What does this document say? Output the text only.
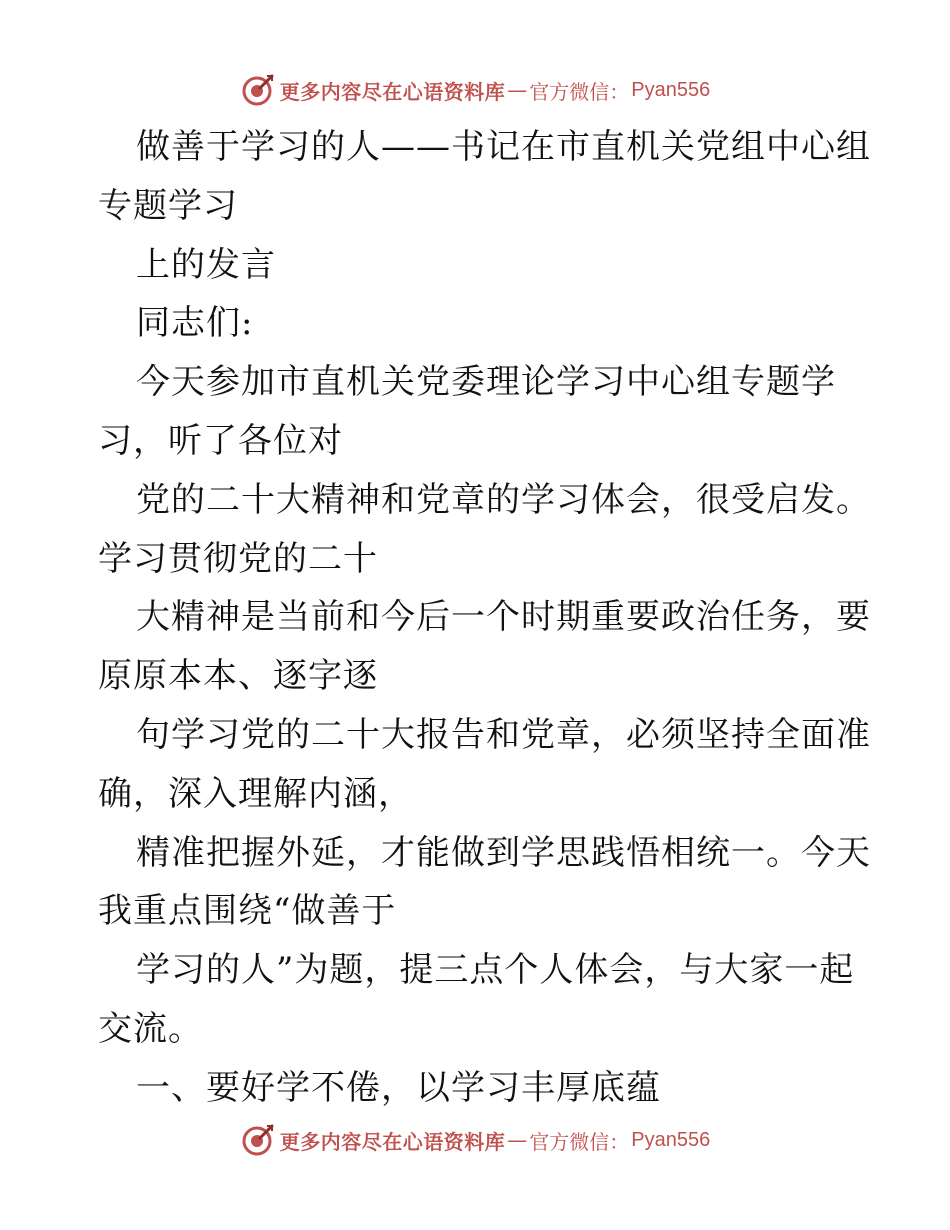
更多内容尽在心语资料库 — 官方微信： Pyan556
做善于学习的人——书记在市直机关党组中心组
专题学习
上的发言
同志们:
今天参加市直机关党委理论学习中心组专题学
习，听了各位对
党的二十大精神和党章的学习体会，很受启发。
学习贯彻党的二十
大精神是当前和今后一个时期重要政治任务，要
原原本本、逐字逐
句学习党的二十大报告和党章，必须坚持全面准
确，深入理解内涵，
精准把握外延，才能做到学思践悟相统一。今天
我重点围绕“做善于
学习的人”为题，提三点个人体会，与大家一起
交流。
一、要好学不倦，以学习丰厚底蕴
更多内容尽在心语资料库 — 官方微信： Pyan556
